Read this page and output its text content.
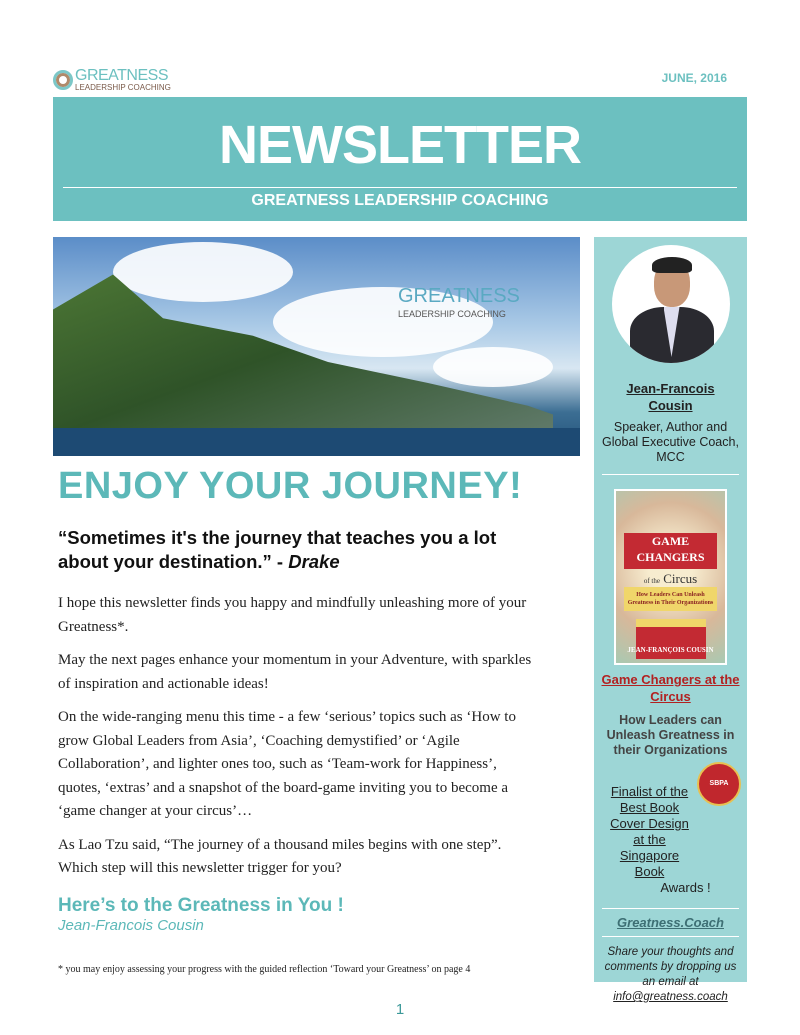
GREATNESS
LEADERSHIP COACHING
JUNE, 2016
NEWSLETTER
GREATNESS LEADERSHIP COACHING
GREATNESS
LEADERSHIP COACHING
ENJOY YOUR JOURNEY!
“Sometimes it's the journey that teaches you a lot about your destination.” - Drake

I hope this newsletter finds you happy and mindfully unleashing more of your Greatness*.

May the next pages enhance your momentum in your Adventure, with sparkles of inspiration and actionable ideas!

On the wide-ranging menu this time - a few ‘serious’ topics such as ‘How to grow Global Leaders from Asia’, ‘Coaching demystified’ or ‘Agile Collaboration’, and lighter ones too, such as ‘Team-work for Happiness’, quotes, ‘extras’ and a snapshot of the board-game inviting you to become a ‘game changer at your circus’…

As Lao Tzu said, “The journey of a thousand miles begins with one step”. Which step will this newsletter trigger for you?

Here’s to the Greatness in You !
Jean-Francois Cousin
* you may enjoy assessing your progress with the guided reflection ‘Toward your Greatness’ on page 4
1
Jean-Francois Cousin
Speaker, Author and Global Executive Coach, MCC
GAME
CHANGERS
of the Circus
How Leaders Can Unleash Greatness in Their Organizations
JEAN-FRANÇOIS COUSIN
Game Changers at the Circus
How Leaders can Unleash Greatness in their Organizations
SBPA
Finalist of the Best Book Cover Design at the Singapore Book
Awards !
Greatness.Coach
Share your thoughts and comments by dropping us an email at
info@greatness.coach
